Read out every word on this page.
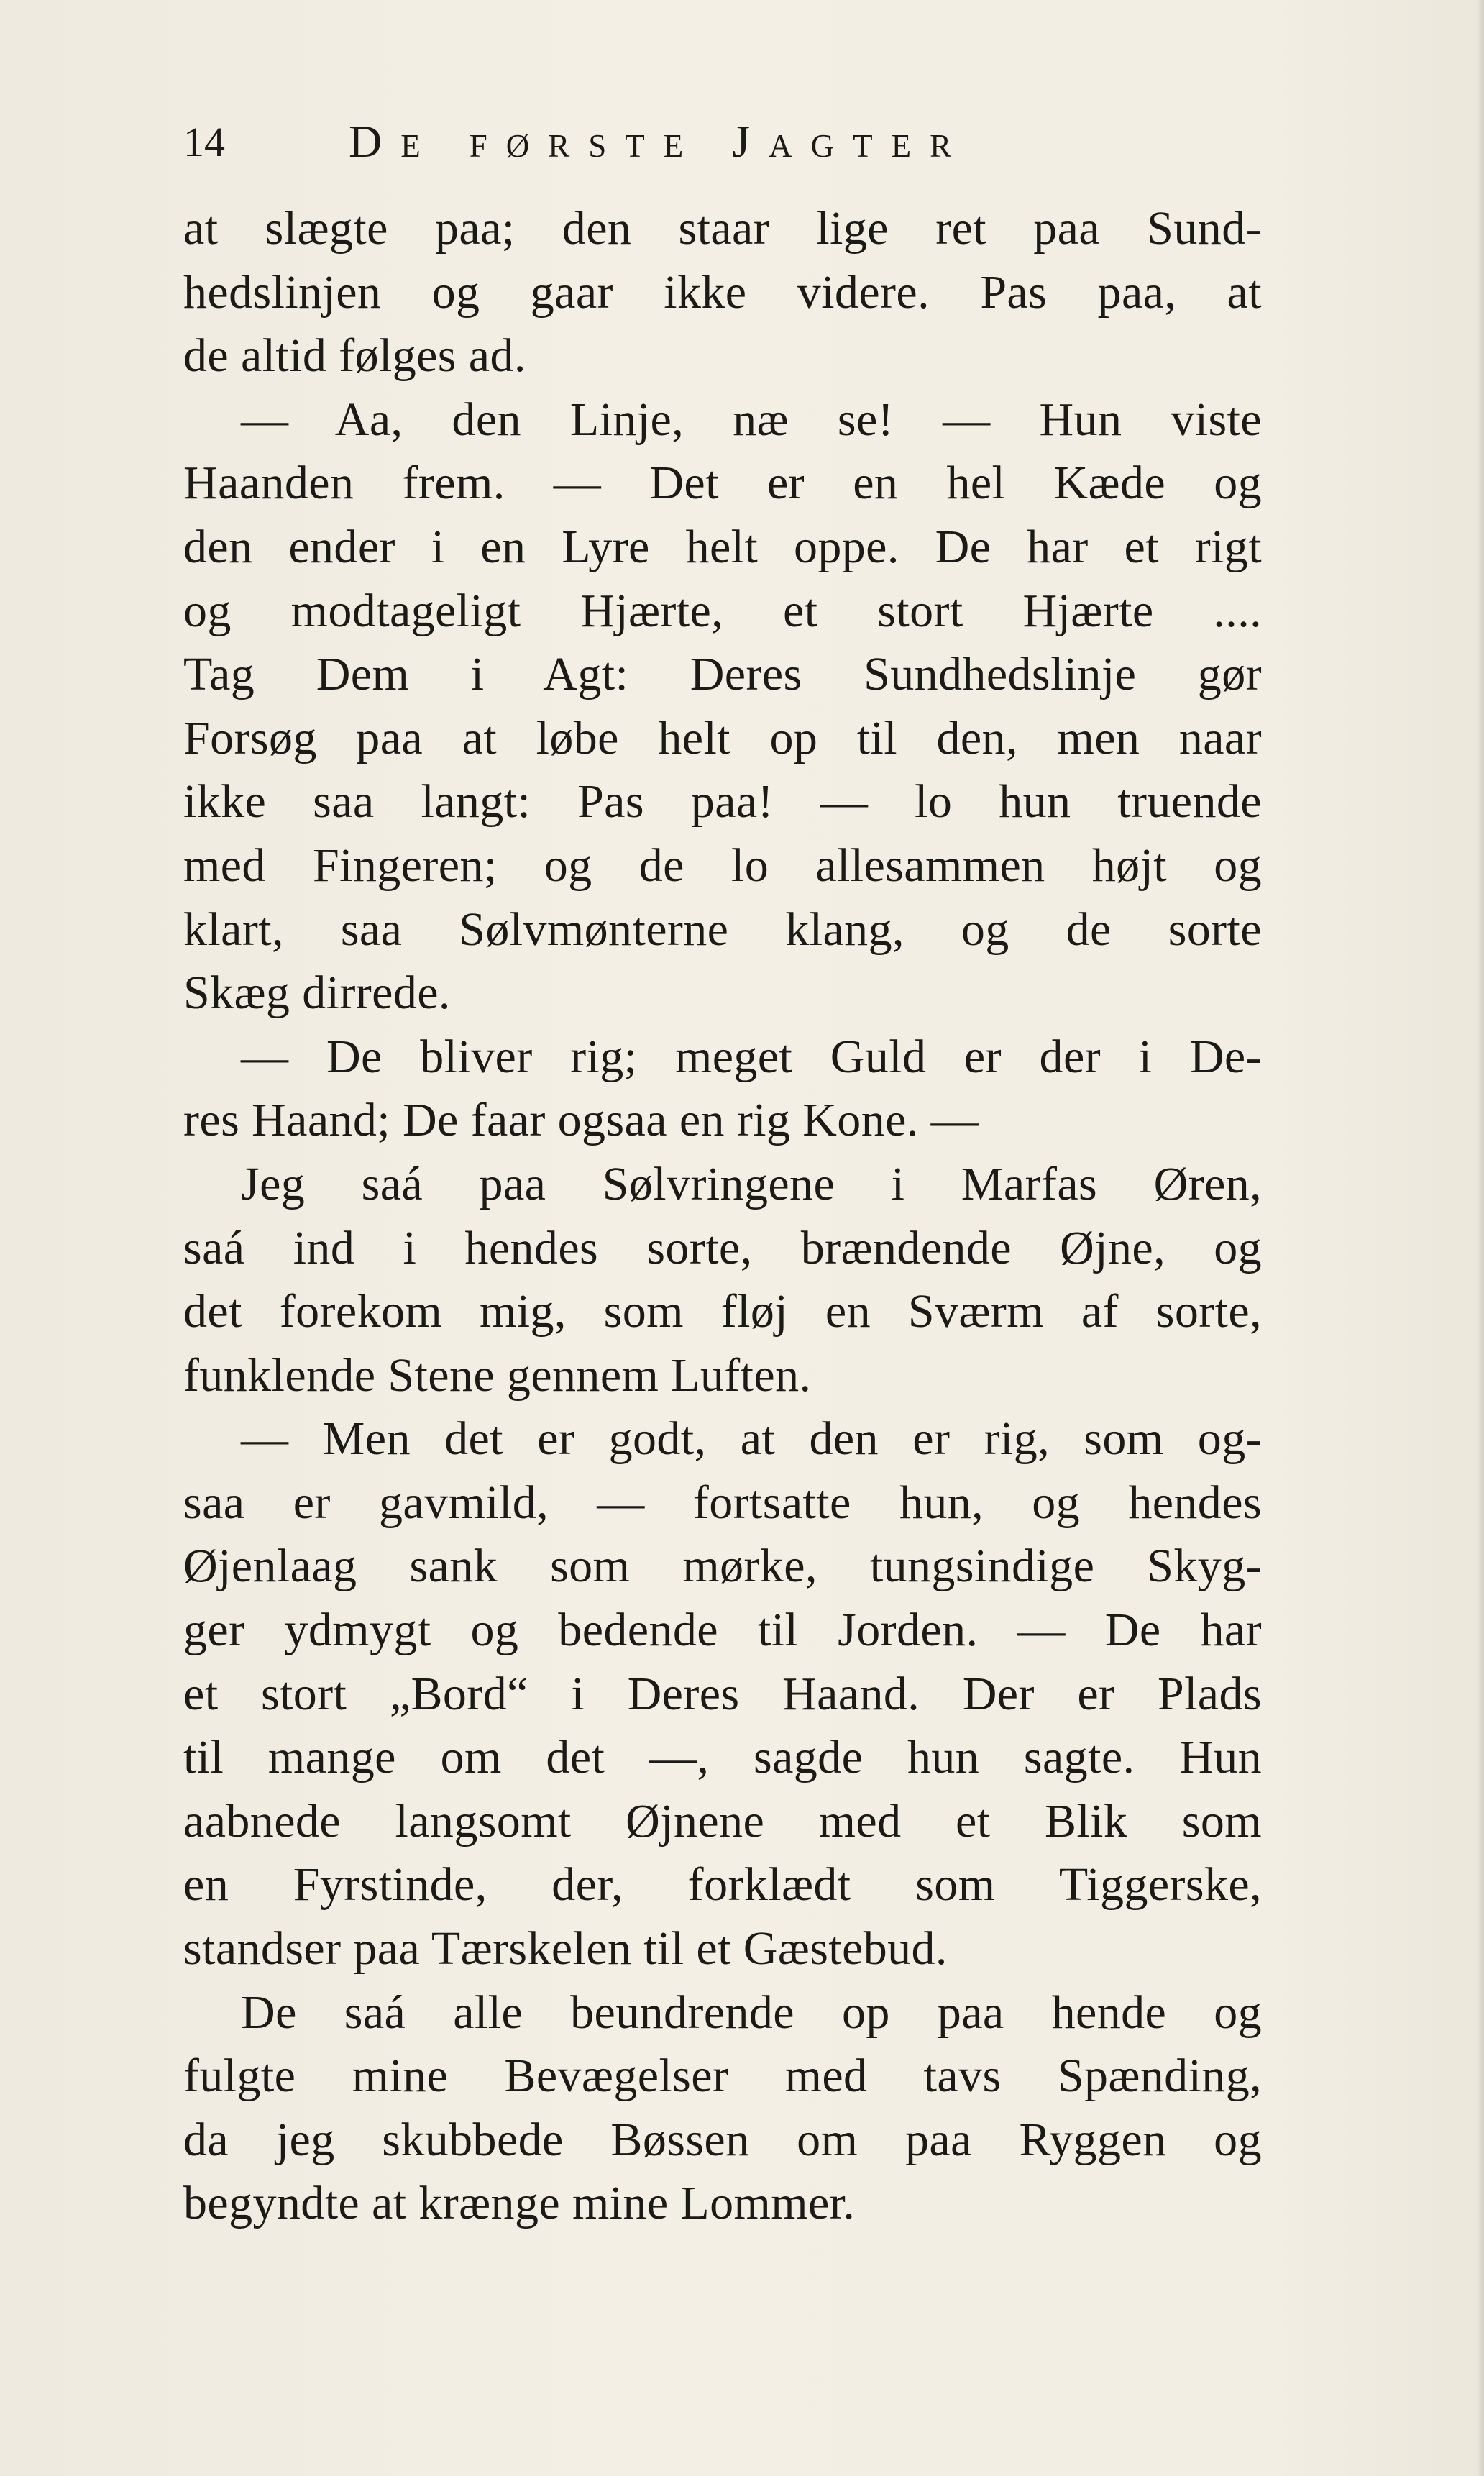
14	De første Jagter
at slægte paa; den staar lige ret paa Sund-
hedslinjen og gaar ikke videre. Pas paa, at
de altid følges ad.
— Aa, den Linje, næ se! — Hun viste
Haanden frem. — Det er en hel Kæde og
den ender i en Lyre helt oppe. De har et rigt
og modtageligt Hjærte, et stort Hjærte ....
Tag Dem i Agt: Deres Sundhedslinje gør
Forsøg paa at løbe helt op til den, men naar
ikke saa langt: Pas paa! — lo hun truende
med Fingeren; og de lo allesammen højt og
klart, saa Sølvmønterne klang, og de sorte
Skæg dirrede.
— De bliver rig; meget Guld er der i De-
res Haand; De faar ogsaa en rig Kone. —
Jeg saá paa Sølvringene i Marfas Øren,
saá ind i hendes sorte, brændende Øjne, og
det forekom mig, som fløj en Sværm af sorte,
funklende Stene gennem Luften.
— Men det er godt, at den er rig, som og-
saa er gavmild, — fortsatte hun, og hendes
Øjenlaag sank som mørke, tungsindige Skyg-
ger ydmygt og bedende til Jorden. — De har
et stort „Bord“ i Deres Haand. Der er Plads
til mange om det —, sagde hun sagte. Hun
aabnede langsomt Øjnene med et Blik som
en Fyrstinde, der, forklædt som Tiggerske,
standser paa Tærskelen til et Gæstebud.
De saá alle beundrende op paa hende og
fulgte mine Bevægelser med tavs Spænding,
da jeg skubbede Bøssen om paa Ryggen og
begyndte at krænge mine Lommer.
